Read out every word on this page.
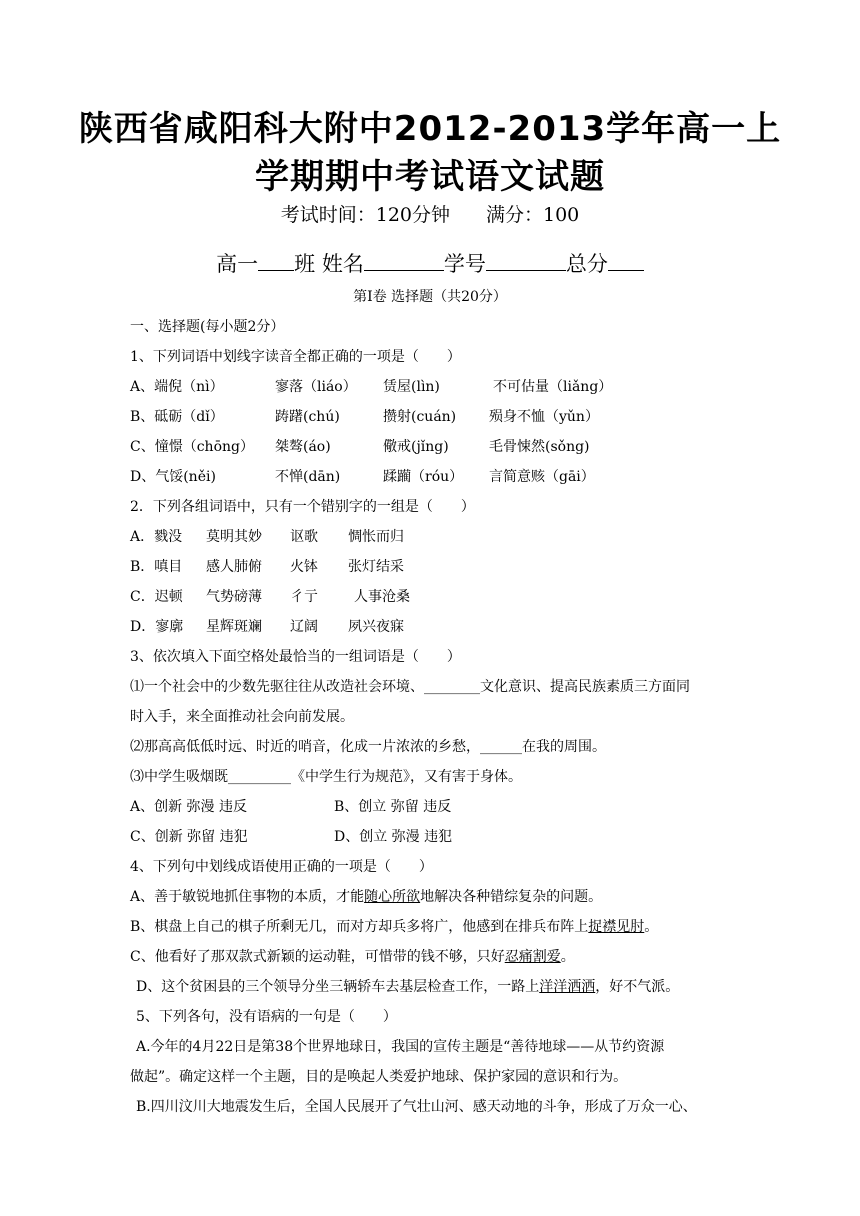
陕西省咸阳科大附中2012-2013学年高一上
学期期中考试语文试题
考试时间：120分钟 满分：100
高一 班 姓名	学号	总分
第Ⅰ卷 选择题（共20分）
一、选择题(每小题2分）
1、下列词语中划线字读音全都正确的一项是（　　）
A、端倪（nì）	寥落（liáo） 赁屋(lìn)	不可估量（liǎng）
B、砥砺（dǐ）	踌躇(chú)	攒射(cuán) 殒身不恤（yǔn）
C、憧憬（chōng） 桀骜(áo)	儆戒(jǐng)	毛骨悚然(sǒng)
D、气馁(něi)	不惮(dān)	蹂躏（róu） 言简意赅（gāi）
2．下列各组词语中，只有一个错别字的一组是（　　）
A．戮没 莫明其妙 讴歌 惆怅而归
B．嗔目 感人肺俯 火钵 张灯结采
C．迟顿 气势磅薄 彳亍	人事沧桑
D．寥廓 星辉斑斓 辽阔 夙兴夜寐
3、依次填入下面空格处最恰当的一组词语是（　　）
⑴一个社会中的少数先驱往往从改造社会环境、________文化意识、提高民族素质三方面同
时入手，来全面推动社会向前发展。
⑵那高高低低时远、时近的哨音，化成一片浓浓的乡愁，______在我的周围。
⑶中学生吸烟既_________《中学生行为规范》，又有害于身体。
A、创新 弥漫 违反	B、创立 弥留 违反
C、创新 弥留 违犯	D、创立 弥漫 违犯
4、下列句中划线成语使用正确的一项是（　　）
A、善于敏锐地抓住事物的本质，才能随心所欲地解决各种错综复杂的问题。
B、棋盘上自己的棋子所剩无几，而对方却兵多将广，他感到在排兵布阵上捉襟见肘。
C、他看好了那双款式新颖的运动鞋，可惜带的钱不够，只好忍痛割爱。
D、这个贫困县的三个领导分坐三辆轿车去基层检查工作，一路上洋洋洒洒，好不气派。
5、下列各句，没有语病的一句是（　　）
A.今年的4月22日是第38个世界地球日，我国的宣传主题是“善待地球——从节约资源
做起”。确定这样一个主题，目的是唤起人类爱护地球、保护家园的意识和行为。
B.四川汶川大地震发生后，全国人民展开了气壮山河、感天动地的斗争，形成了万众一心、
